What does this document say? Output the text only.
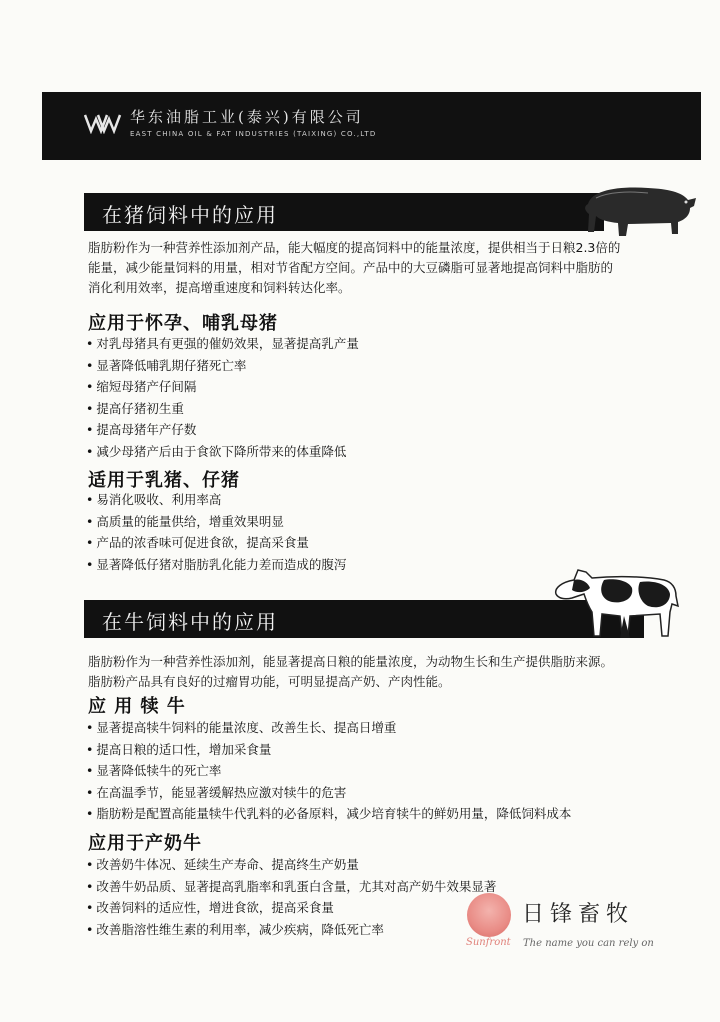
华东油脂工业(泰兴)有限公司
EAST CHINA OIL & FAT INDUSTRIES (TAIXING) CO.,LTD
在猪饲料中的应用

脂肪粉作为一种营养性添加剂产品，能大幅度的提高饲料中的能量浓度，提供相当于日粮2.3倍的

能量，减少能量饲料的用量，相对节省配方空间。产品中的大豆磷脂可显著地提高饲料中脂肪的

消化利用效率，提高增重速度和饲料转达化率。

应用于怀孕、哺乳母猪
• 对乳母猪具有更强的催奶效果，显著提高乳产量
• 显著降低哺乳期仔猪死亡率
• 缩短母猪产仔间隔
• 提高仔猪初生重
• 提高母猪年产仔数
• 减少母猪产后由于食欲下降所带来的体重降低
适用于乳猪、仔猪
• 易消化吸收、利用率高
• 高质量的能量供给，增重效果明显
• 产品的浓香味可促进食欲，提高采食量
• 显著降低仔猪对脂肪乳化能力差而造成的腹泻
在牛饲料中的应用

脂肪粉作为一种营养性添加剂，能显著提高日粮的能量浓度，为动物生长和生产提供脂肪来源。

脂肪粉产品具有良好的过瘤胃功能，可明显提高产奶、产肉性能。

应 用 犊 牛
• 显著提高犊牛饲料的能量浓度、改善生长、提高日增重
• 提高日粮的适口性，增加采食量
• 显著降低犊牛的死亡率
• 在高温季节，能显著缓解热应激对犊牛的危害
• 脂肪粉是配置高能量犊牛代乳料的必备原料，减少培育犊牛的鲜奶用量，降低饲料成本
应用于产奶牛
• 改善奶牛体况、延续生产寿命、提高终生产奶量
• 改善牛奶品质、显著提高乳脂率和乳蛋白含量，尤其对高产奶牛效果显著
• 改善饲料的适应性，增进食欲，提高采食量
• 改善脂溶性维生素的利用率，减少疾病，降低死亡率
日锋畜牧
Sunfront The name you can rely on
